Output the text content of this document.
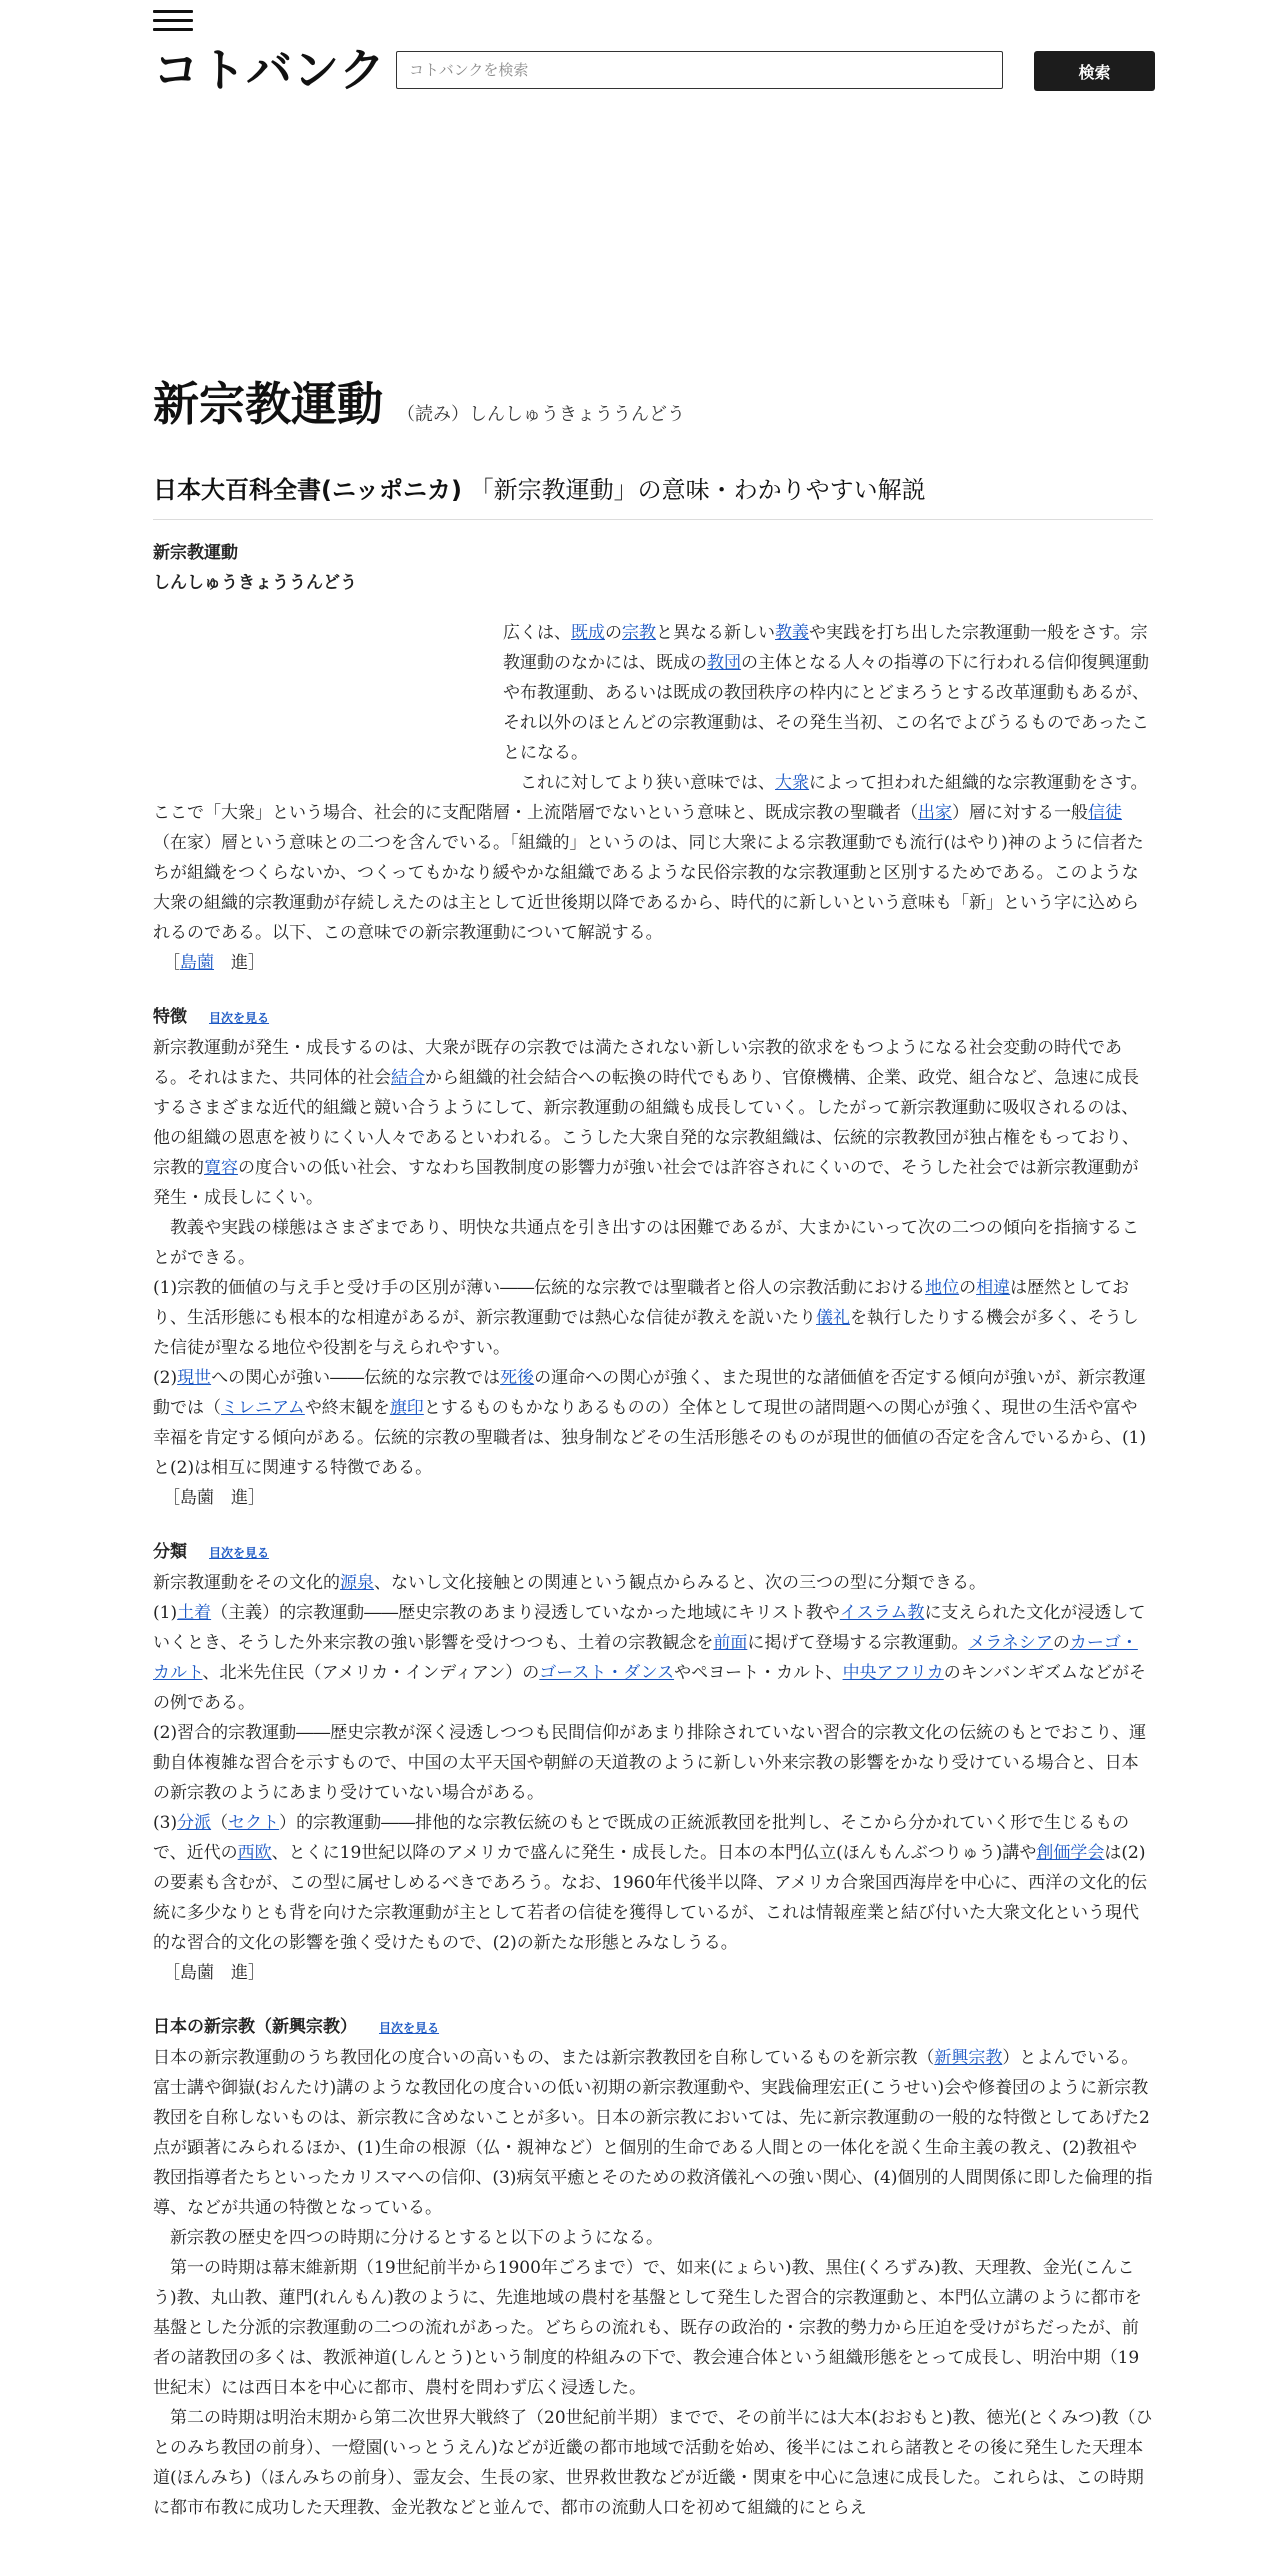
コトバンク
コトバンクを検索	検索
新宗教運動 （読み）しんしゅうきょううんどう
日本大百科全書(ニッポニカ) 「新宗教運動」の意味・わかりやすい解説
新宗教運動
しんしゅうきょううんどう

広くは、既成の宗教と異なる新しい教義や実践を打ち出した宗教運動一般をさす。宗教運動のなかには、既成の教団の主体となる人々の指導の下に行われる信仰復興運動や布教運動、あるいは既成の教団秩序の枠内にとどまろうとする改革運動もあるが、それ以外のほとんどの宗教運動は、その発生当初、この名でよびうるものであったことになる。

これに対してより狭い意味では、大衆によって担われた組織的な宗教運動をさす。ここで「大衆」という場合、社会的に支配階層・上流階層でないという意味と、既成宗教の聖職者（出家）層に対する一般信徒（在家）層という意味との二つを含んでいる。「組織的」というのは、同じ大衆による宗教運動でも流行(はやり)神のように信者たちが組織をつくらないか、つくってもかなり緩やかな組織であるような民俗宗教的な宗教運動と区別するためである。このような大衆の組織的宗教運動が存続しえたのは主として近世後期以降であるから、時代的に新しいという意味も「新」という字に込められるのである。以下、この意味での新宗教運動について解説する。

［島薗　進］

特徴 目次を見る

新宗教運動が発生・成長するのは、大衆が既存の宗教では満たされない新しい宗教的欲求をもつようになる社会変動の時代である。それはまた、共同体的社会結合から組織的社会結合への転換の時代でもあり、官僚機構、企業、政党、組合など、急速に成長するさまざまな近代的組織と競い合うようにして、新宗教運動の組織も成長していく。したがって新宗教運動に吸収されるのは、他の組織の恩恵を被りにくい人々であるといわれる。こうした大衆自発的な宗教組織は、伝統的宗教教団が独占権をもっており、宗教的寛容の度合いの低い社会、すなわち国教制度の影響力が強い社会では許容されにくいので、そうした社会では新宗教運動が発生・成長しにくい。

教義や実践の様態はさまざまであり、明快な共通点を引き出すのは困難であるが、大まかにいって次の二つの傾向を指摘することができる。

(1)宗教的価値の与え手と受け手の区別が薄い――伝統的な宗教では聖職者と俗人の宗教活動における地位の相違は歴然としており、生活形態にも根本的な相違があるが、新宗教運動では熱心な信徒が教えを説いたり儀礼を執行したりする機会が多く、そうした信徒が聖なる地位や役割を与えられやすい。

(2)現世への関心が強い――伝統的な宗教では死後の運命への関心が強く、また現世的な諸価値を否定する傾向が強いが、新宗教運動では（ミレニアムや終末観を旗印とするものもかなりあるものの）全体として現世の諸問題への関心が強く、現世の生活や富や幸福を肯定する傾向がある。伝統的宗教の聖職者は、独身制などその生活形態そのものが現世的価値の否定を含んでいるから、(1)と(2)は相互に関連する特徴である。

［島薗　進］

分類 目次を見る

新宗教運動をその文化的源泉、ないし文化接触との関連という観点からみると、次の三つの型に分類できる。

(1)土着（主義）的宗教運動――歴史宗教のあまり浸透していなかった地域にキリスト教やイスラム教に支えられた文化が浸透していくとき、そうした外来宗教の強い影響を受けつつも、土着の宗教観念を前面に掲げて登場する宗教運動。メラネシアのカーゴ・カルト、北米先住民（アメリカ・インディアン）のゴースト・ダンスやペヨート・カルト、中央アフリカのキンバンギズムなどがその例である。

(2)習合的宗教運動――歴史宗教が深く浸透しつつも民間信仰があまり排除されていない習合的宗教文化の伝統のもとでおこり、運動自体複雑な習合を示すもので、中国の太平天国や朝鮮の天道教のように新しい外来宗教の影響をかなり受けている場合と、日本の新宗教のようにあまり受けていない場合がある。

(3)分派（セクト）的宗教運動――排他的な宗教伝統のもとで既成の正統派教団を批判し、そこから分かれていく形で生じるもので、近代の西欧、とくに19世紀以降のアメリカで盛んに発生・成長した。日本の本門仏立(ほんもんぶつりゅう)講や創価学会は(2)の要素も含むが、この型に属せしめるべきであろう。なお、1960年代後半以降、アメリカ合衆国西海岸を中心に、西洋の文化的伝統に多少なりとも背を向けた宗教運動が主として若者の信徒を獲得しているが、これは情報産業と結び付いた大衆文化という現代的な習合的文化の影響を強く受けたもので、(2)の新たな形態とみなしうる。

［島薗　進］

日本の新宗教（新興宗教） 目次を見る

日本の新宗教運動のうち教団化の度合いの高いもの、または新宗教教団を自称しているものを新宗教（新興宗教）とよんでいる。富士講や御嶽(おんたけ)講のような教団化の度合いの低い初期の新宗教運動や、実践倫理宏正(こうせい)会や修養団のように新宗教教団を自称しないものは、新宗教に含めないことが多い。日本の新宗教においては、先に新宗教運動の一般的な特徴としてあげた2点が顕著にみられるほか、(1)生命の根源（仏・親神など）と個別的生命である人間との一体化を説く生命主義の教え、(2)教祖や教団指導者たちといったカリスマへの信仰、(3)病気平癒とそのための救済儀礼への強い関心、(4)個別的人間関係に即した倫理的指導、などが共通の特徴となっている。

新宗教の歴史を四つの時期に分けるとすると以下のようになる。

第一の時期は幕末維新期（19世紀前半から1900年ごろまで）で、如来(にょらい)教、黒住(くろずみ)教、天理教、金光(こんこう)教、丸山教、蓮門(れんもん)教のように、先進地域の農村を基盤として発生した習合的宗教運動と、本門仏立講のように都市を基盤とした分派的宗教運動の二つの流れがあった。どちらの流れも、既存の政治的・宗教的勢力から圧迫を受けがちだったが、前者の諸教団の多くは、教派神道(しんとう)という制度的枠組みの下で、教会連合体という組織形態をとって成長し、明治中期（19世紀末）には西日本を中心に都市、農村を問わず広く浸透した。

第二の時期は明治末期から第二次世界大戦終了（20世紀前半期）までで、その前半には大本(おおもと)教、徳光(とくみつ)教（ひとのみち教団の前身）、一燈園(いっとうえん)などが近畿の都市地域で活動を始め、後半にはこれら諸教とその後に発生した天理本道(ほんみち)（ほんみちの前身）、霊友会、生長の家、世界救世教などが近畿・関東を中心に急速に成長した。これらは、この時期に都市布教に成功した天理教、金光教などと並んで、都市の流動人口を初めて組織的にとらえ
